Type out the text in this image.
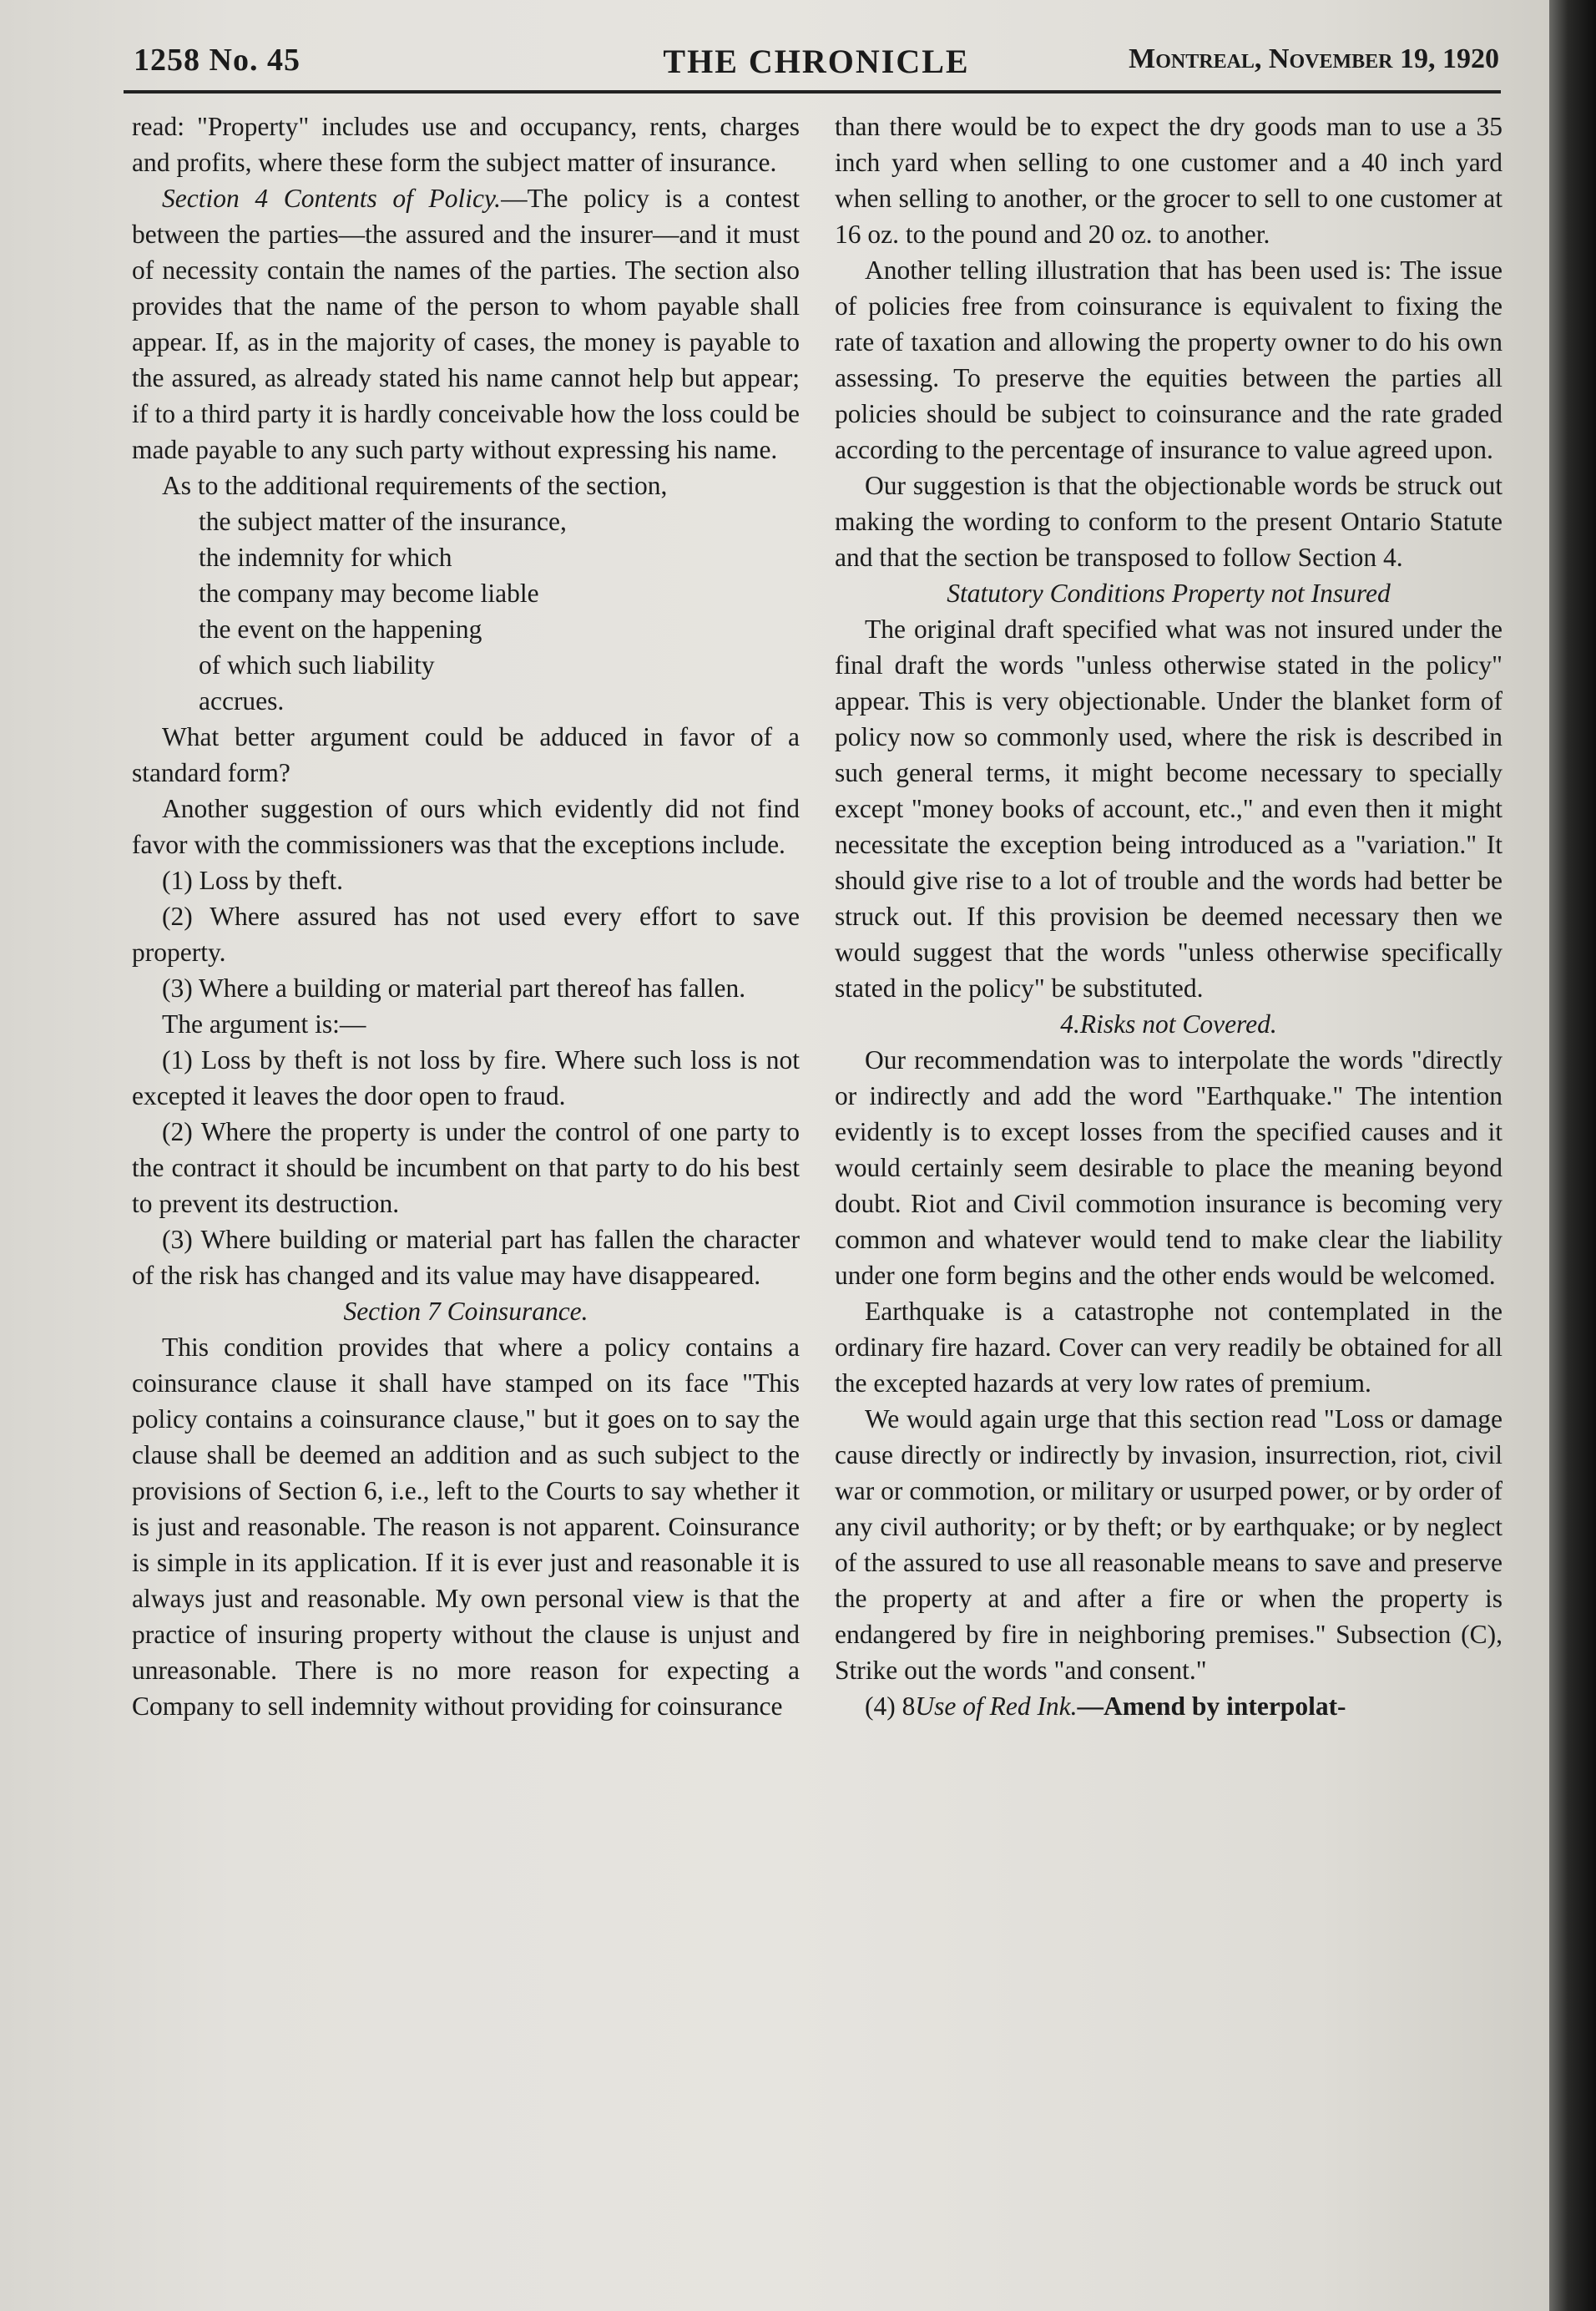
1258 No. 45	THE CHRONICLE	Montreal, November 19, 1920

read: "Property" includes use and occupancy, rents, charges and profits, where these form the subject matter of insurance.

Section 4 Contents of Policy.—The policy is a contest between the parties—the assured and the insurer—and it must of necessity contain the names of the parties. The section also provides that the name of the person to whom payable shall appear. If, as in the majority of cases, the money is payable to the assured, as already stated his name cannot help but appear; if to a third party it is hardly conceivable how the loss could be made payable to any such party without expressing his name.

As to the additional requirements of the section,

the subject matter of the insurance,
the indemnity for which
the company may become liable
the event on the happening
of which such liability
accrues.

What better argument could be adduced in favor of a standard form?

Another suggestion of ours which evidently did not find favor with the commissioners was that the exceptions include.

(1) Loss by theft.

(2) Where assured has not used every effort to save property.

(3) Where a building or material part thereof has fallen.

The argument is:—

(1) Loss by theft is not loss by fire. Where such loss is not excepted it leaves the door open to fraud.

(2) Where the property is under the control of one party to the contract it should be incumbent on that party to do his best to prevent its destruction.

(3) Where building or material part has fallen the character of the risk has changed and its value may have disappeared.

Section 7 Coinsurance.

This condition provides that where a policy contains a coinsurance clause it shall have stamped on its face "This policy contains a coinsurance clause," but it goes on to say the clause shall be deemed an addition and as such subject to the provisions of Section 6, i.e., left to the Courts to say whether it is just and reasonable. The reason is not apparent. Coinsurance is simple in its application. If it is ever just and reasonable it is always just and reasonable. My own personal view is that the practice of insuring property without the clause is unjust and unreasonable. There is no more reason for expecting a Company to sell indemnity without providing for coinsurance

than there would be to expect the dry goods man to use a 35 inch yard when selling to one customer and a 40 inch yard when selling to another, or the grocer to sell to one customer at 16 oz. to the pound and 20 oz. to another.

Another telling illustration that has been used is: The issue of policies free from coinsurance is equivalent to fixing the rate of taxation and allowing the property owner to do his own assessing. To preserve the equities between the parties all policies should be subject to coinsurance and the rate graded according to the percentage of insurance to value agreed upon.

Our suggestion is that the objectionable words be struck out making the wording to conform to the present Ontario Statute and that the section be transposed to follow Section 4.

Statutory Conditions Property not Insured

The original draft specified what was not insured under the final draft the words "unless otherwise stated in the policy" appear. This is very objectionable. Under the blanket form of policy now so commonly used, where the risk is described in such general terms, it might become necessary to specially except "money books of account, etc.," and even then it might necessitate the exception being introduced as a "variation." It should give rise to a lot of trouble and the words had better be struck out. If this provision be deemed necessary then we would suggest that the words "unless otherwise specifically stated in the policy" be substituted.

4.Risks not Covered.

Our recommendation was to interpolate the words "directly or indirectly and add the word "Earthquake." The intention evidently is to except losses from the specified causes and it would certainly seem desirable to place the meaning beyond doubt. Riot and Civil commotion insurance is becoming very common and whatever would tend to make clear the liability under one form begins and the other ends would be welcomed.

Earthquake is a catastrophe not contemplated in the ordinary fire hazard. Cover can very readily be obtained for all the excepted hazards at very low rates of premium.

We would again urge that this section read "Loss or damage cause directly or indirectly by invasion, insurrection, riot, civil war or commotion, or military or usurped power, or by order of any civil authority; or by theft; or by earthquake; or by neglect of the assured to use all reasonable means to save and preserve the property at and after a fire or when the property is endangered by fire in neighboring premises." Subsection (C), Strike out the words "and consent."

(4) 8Use of Red Ink.—Amend by interpolat-
